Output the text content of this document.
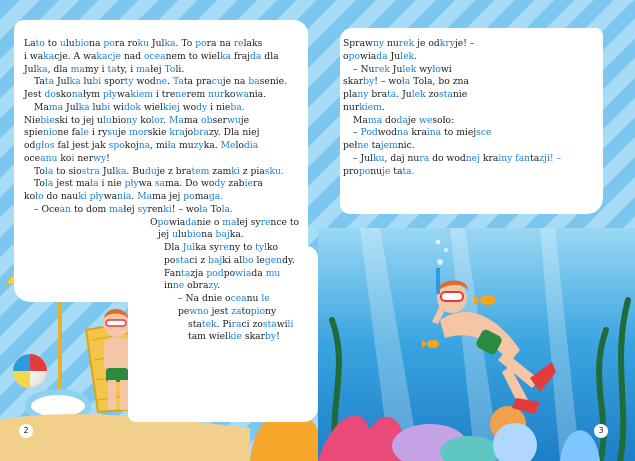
Lato to ulubiona pora roku Julka. To pora na relaks
i wakacje. A wakacje nad oceanem to wielka frajda dla
Julka, dla mamy i taty, i małej Toli.
Tata Julka lubi sporty wodne. Tata pracuje na basenie.
Jest doskonałym pływakiem i trenerem nurkowania.
Mama Julka lubi widok wielkiej wody i nieba.
Niebieski to jej ulubiony kolor. Mama obserwuje
spienione fale i rysuje morskie krajobrazy. Dla niej
odgłos fal jest jak spokojna, miła muzyka. Melodia
oceanu koi nerwy!
Tola to siostra Julka. Buduje z bratem zamki z piasku.
Tola jest mała i nie pływa sama. Do wody zabiera
koło do nauki pływania. Mama jej pomaga.
– Ocean to dom małej syrenki! – woła Tola.
Opowiadanie o małej syrence to
jej ulubiona bajka.
Dla Julka syreny to tylko
postaci z bajki albo legendy.
Fantazja podpowiada mu
inne obrazy.
– Na dnie oceanu le
pewno jest zatopiony
statek. Piraci zostawili
tam wielkie skarby!
Sprawny nurek je odkryje! –
opowiada Julek.
– Nurek Julek wyłowi
skarby! – woła Tola, bo zna
plany brata. Julek zostanie
nurkiem.
Mama dodaje wesoło:
– Podwodna kraina to miejsce
pełne tajemnic.
– Julku, daj nura do wodnej krainy fantazji! –
proponuje tata.
2	3
